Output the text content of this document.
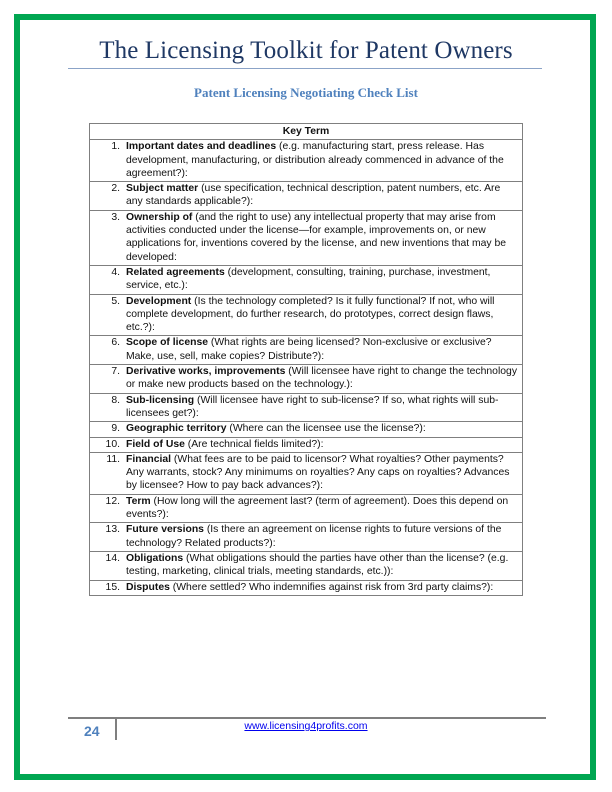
The Licensing Toolkit for Patent Owners
Patent Licensing Negotiating Check List
Key Term

1. Important dates and deadlines (e.g. manufacturing start, press release. Has development, manufacturing, or distribution already commenced in advance of the agreement?):

2. Subject matter (use specification, technical description, patent numbers, etc. Are any standards applicable?):

3. Ownership of (and the right to use) any intellectual property that may arise from activities conducted under the license—for example, improvements on, or new applications for, inventions covered by the license, and new inventions that may be developed:

4. Related agreements (development, consulting, training, purchase, investment, service, etc.):

5. Development (Is the technology completed? Is it fully functional? If not, who will complete development, do further research, do prototypes, correct design flaws, etc.?):

6. Scope of license (What rights are being licensed? Non-exclusive or exclusive? Make, use, sell, make copies? Distribute?):

7. Derivative works, improvements (Will licensee have right to change the technology or make new products based on the technology.):

8. Sub-licensing (Will licensee have right to sub-license? If so, what rights will sub-licensees get?):

9. Geographic territory (Where can the licensee use the license?):

10. Field of Use (Are technical fields limited?):

11. Financial (What fees are to be paid to licensor? What royalties? Other payments? Any warrants, stock? Any minimums on royalties? Any caps on royalties? Advances by licensee? How to pay back advances?):

12. Term (How long will the agreement last? (term of agreement). Does this depend on events?):

13. Future versions (Is there an agreement on license rights to future versions of the technology? Related products?):

14. Obligations (What obligations should the parties have other than the license? (e.g. testing, marketing, clinical trials, meeting standards, etc.)):

15. Disputes (Where settled? Who indemnifies against risk from 3rd party claims?):
24	www.licensing4profits.com
